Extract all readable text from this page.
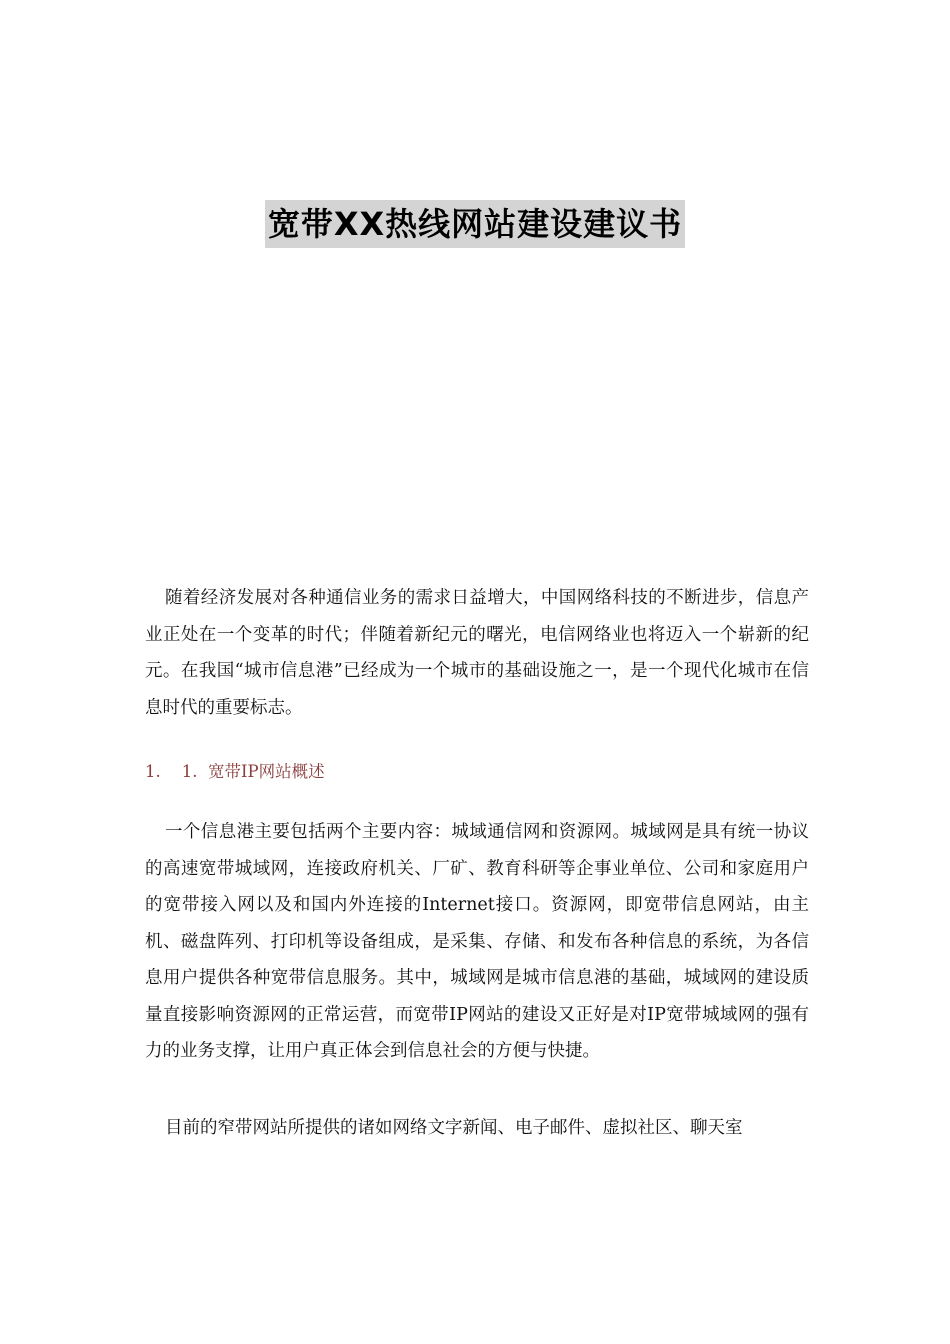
宽带XX热线网站建设建议书

随着经济发展对各种通信业务的需求日益增大，中国网络科技的不断进步，信息产业正处在一个变革的时代；伴随着新纪元的曙光，电信网络业也将迈入一个崭新的纪元。在我国“城市信息港”已经成为一个城市的基础设施之一，是一个现代化城市在信息时代的重要标志。

1. 1. 宽带IP网站概述

一个信息港主要包括两个主要内容：城域通信网和资源网。城域网是具有统一协议的高速宽带城域网，连接政府机关、厂矿、教育科研等企事业单位、公司和家庭用户的宽带接入网以及和国内外连接的Internet接口。资源网，即宽带信息网站，由主机、磁盘阵列、打印机等设备组成，是采集、存储、和发布各种信息的系统，为各信息用户提供各种宽带信息服务。其中，城域网是城市信息港的基础，城域网的建设质量直接影响资源网的正常运营，而宽带IP网站的建设又正好是对IP宽带城域网的强有力的业务支撑，让用户真正体会到信息社会的方便与快捷。

目前的窄带网站所提供的诸如网络文字新闻、电子邮件、虚拟社区、聊天室
